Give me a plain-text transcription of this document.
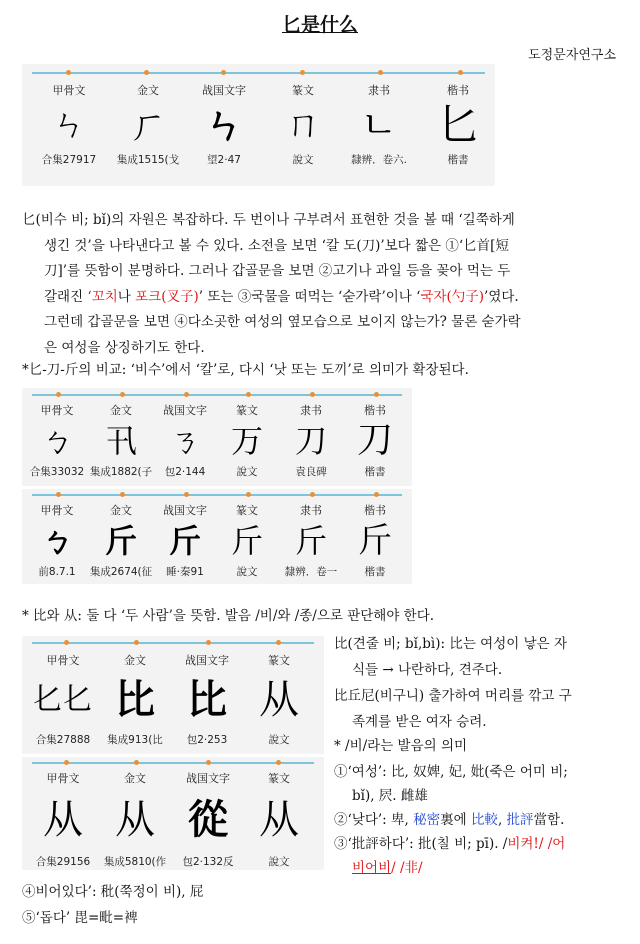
匕是什么
도정문자연구소
甲骨文
ㄣ
合集27917
金文
ㄏ
集成1515(戈
战国文字
ㄣ
望2·47
篆文
ㄇ
說文
隶书
ㄴ
隸辨．卷六.
楷书
匕
楷書
匕(비수 비; bǐ)의 자원은 복잡하다. 두 번이나 구부려서 표현한 것을 볼 때 ‘길쭉하게
생긴 것’을 나타낸다고 볼 수 있다. 소전을 보면 ‘칼 도(刀)’보다 짧은 ①‘匕首[短
刀]’를 뜻함이 분명하다. 그러나 갑골문을 보면 ②고기나 과일 등을 꽂아 먹는 두
갈래진 ‘꼬치나 포크(叉子)’ 또는 ③국물을 떠먹는 ‘숟가락’이나 ‘국자(勺子)’였다.
그런데 갑골문을 보면 ④다소곳한 여성의 옆모습으로 보이지 않는가? 물론 숟가락
은 여성을 상징하기도 한다.
*匕-刀-斤의 비교: ‘비수’에서 ‘칼’로, 다시 ‘낫 또는 도끼’로 의미가 확장된다.
甲骨文
ㄅ
合集33032
金文
卂
集成1882(子
战国文字
ㄋ
包2·144
篆文
万
說文
隶书
刀
袁良碑
楷书
刀
楷書
甲骨文
ㄅ
前8.7.1
金文
斤
集成2674(征
战国文字
斤
睡·秦91
篆文
斤
說文
隶书
斤
隸辨．卷一
楷书
斤
楷書
* 比와 从: 둘 다 ‘두 사람’을 뜻함. 발음 /비/와 /종/으로 판단해야 한다.
甲骨文
𠤎𠤎
合集27888
金文
比
集成913(比
战国文字
比
包2·253
篆文
从
說文
甲骨文
从
合集29156
金文
从
集成5810(作
战国文字
從
包2·132反
篆文
从
說文
比(견줄 비; bǐ,bì): 比는 여성이 낳은 자
식들 → 나란하다, 견주다.
比丘尼(비구니) 출가하여 머리를 깎고 구
족계를 받은 여자 승려.
* /비/라는 발음의 의미
①‘여성’: 比, 奴婢, 妃, 妣(죽은 어미 비;
bǐ), 屄. 雌雄
②‘낮다’: 卑, 秘密裏에 比較, 批評當함.
③‘批評하다’: 批(칠 비; pī). /비켜!/ /어
비어비/ /非/
④비어있다’: 秕(쭉정이 비), 屁
⑤‘돕다’ 毘=毗=裨
